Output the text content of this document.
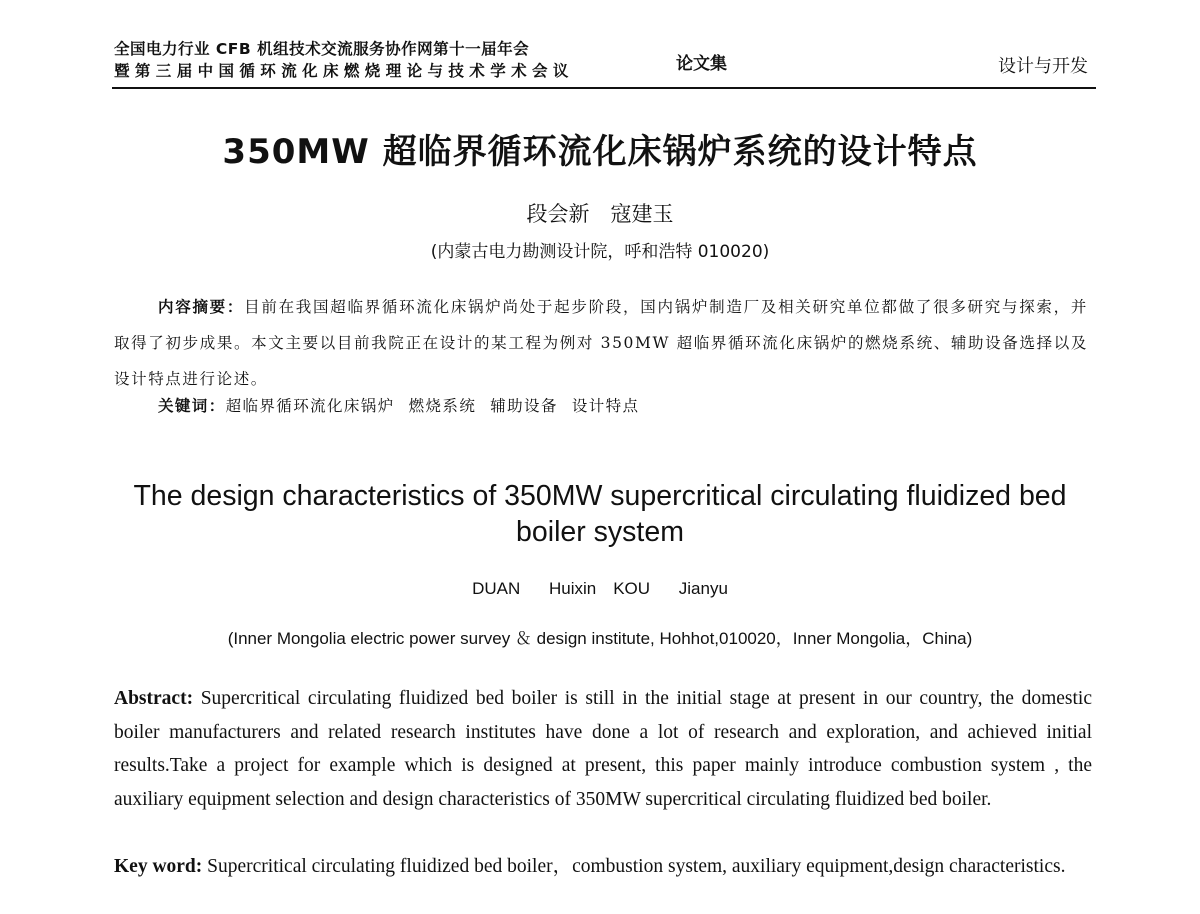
全国电力行业 CFB 机组技术交流服务协作网第十一届年会
暨第三届中国循环流化床燃烧理论与技术学术会议	论文集	设计与开发
350MW 超临界循环流化床锅炉系统的设计特点
段会新　寇建玉
(内蒙古电力勘测设计院，呼和浩特 010020)
内容摘要：目前在我国超临界循环流化床锅炉尚处于起步阶段，国内锅炉制造厂及相关研究单位都做了很多研究与探索，并取得了初步成果。本文主要以目前我院正在设计的某工程为例对 350MW 超临界循环流化床锅炉的燃烧系统、辅助设备选择以及设计特点进行论述。
关键词：超临界循环流化床锅炉 燃烧系统 辅助设备 设计特点
The design characteristics of 350MW supercritical circulating fluidized bed boiler system
DUAN Huixin　KOU Jianyu
(Inner Mongolia electric power survey ＆ design institute, Hohhot,010020，Inner Mongolia，China)
Abstract: Supercritical circulating fluidized bed boiler is still in the initial stage at present in our country, the domestic boiler manufacturers and related research institutes have done a lot of research and exploration, and achieved initial results.Take a project for example which is designed at present, this paper mainly introduce combustion system , the auxiliary equipment selection and design characteristics of 350MW supercritical circulating fluidized bed boiler.
Key word: Supercritical circulating fluidized bed boiler，combustion system, auxiliary equipment,design characteristics.
